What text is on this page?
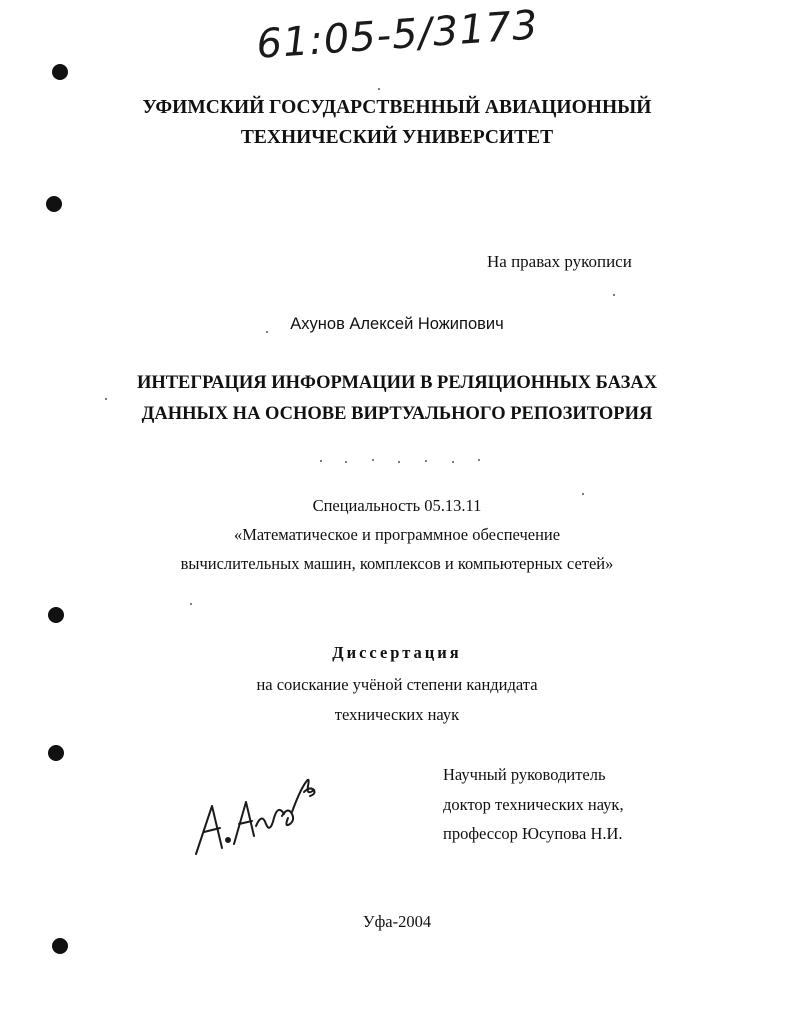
61:05-5/3173
УФИМСКИЙ ГОСУДАРСТВЕННЫЙ АВИАЦИОННЫЙ
ТЕХНИЧЕСКИЙ УНИВЕРСИТЕТ
На правах рукописи
Ахунов Алексей Ножипович
ИНТЕГРАЦИЯ ИНФОРМАЦИИ В РЕЛЯЦИОННЫХ БАЗАХ
ДАННЫХ НА ОСНОВЕ ВИРТУАЛЬНОГО РЕПОЗИТОРИЯ
Специальность 05.13.11
«Математическое и программное обеспечение
вычислительных машин, комплексов и компьютерных сетей»
Диссертация
на соискание учёной степени кандидата
технических наук
Научный руководитель
доктор технических наук,
профессор Юсупова Н.И.
Уфа-2004
